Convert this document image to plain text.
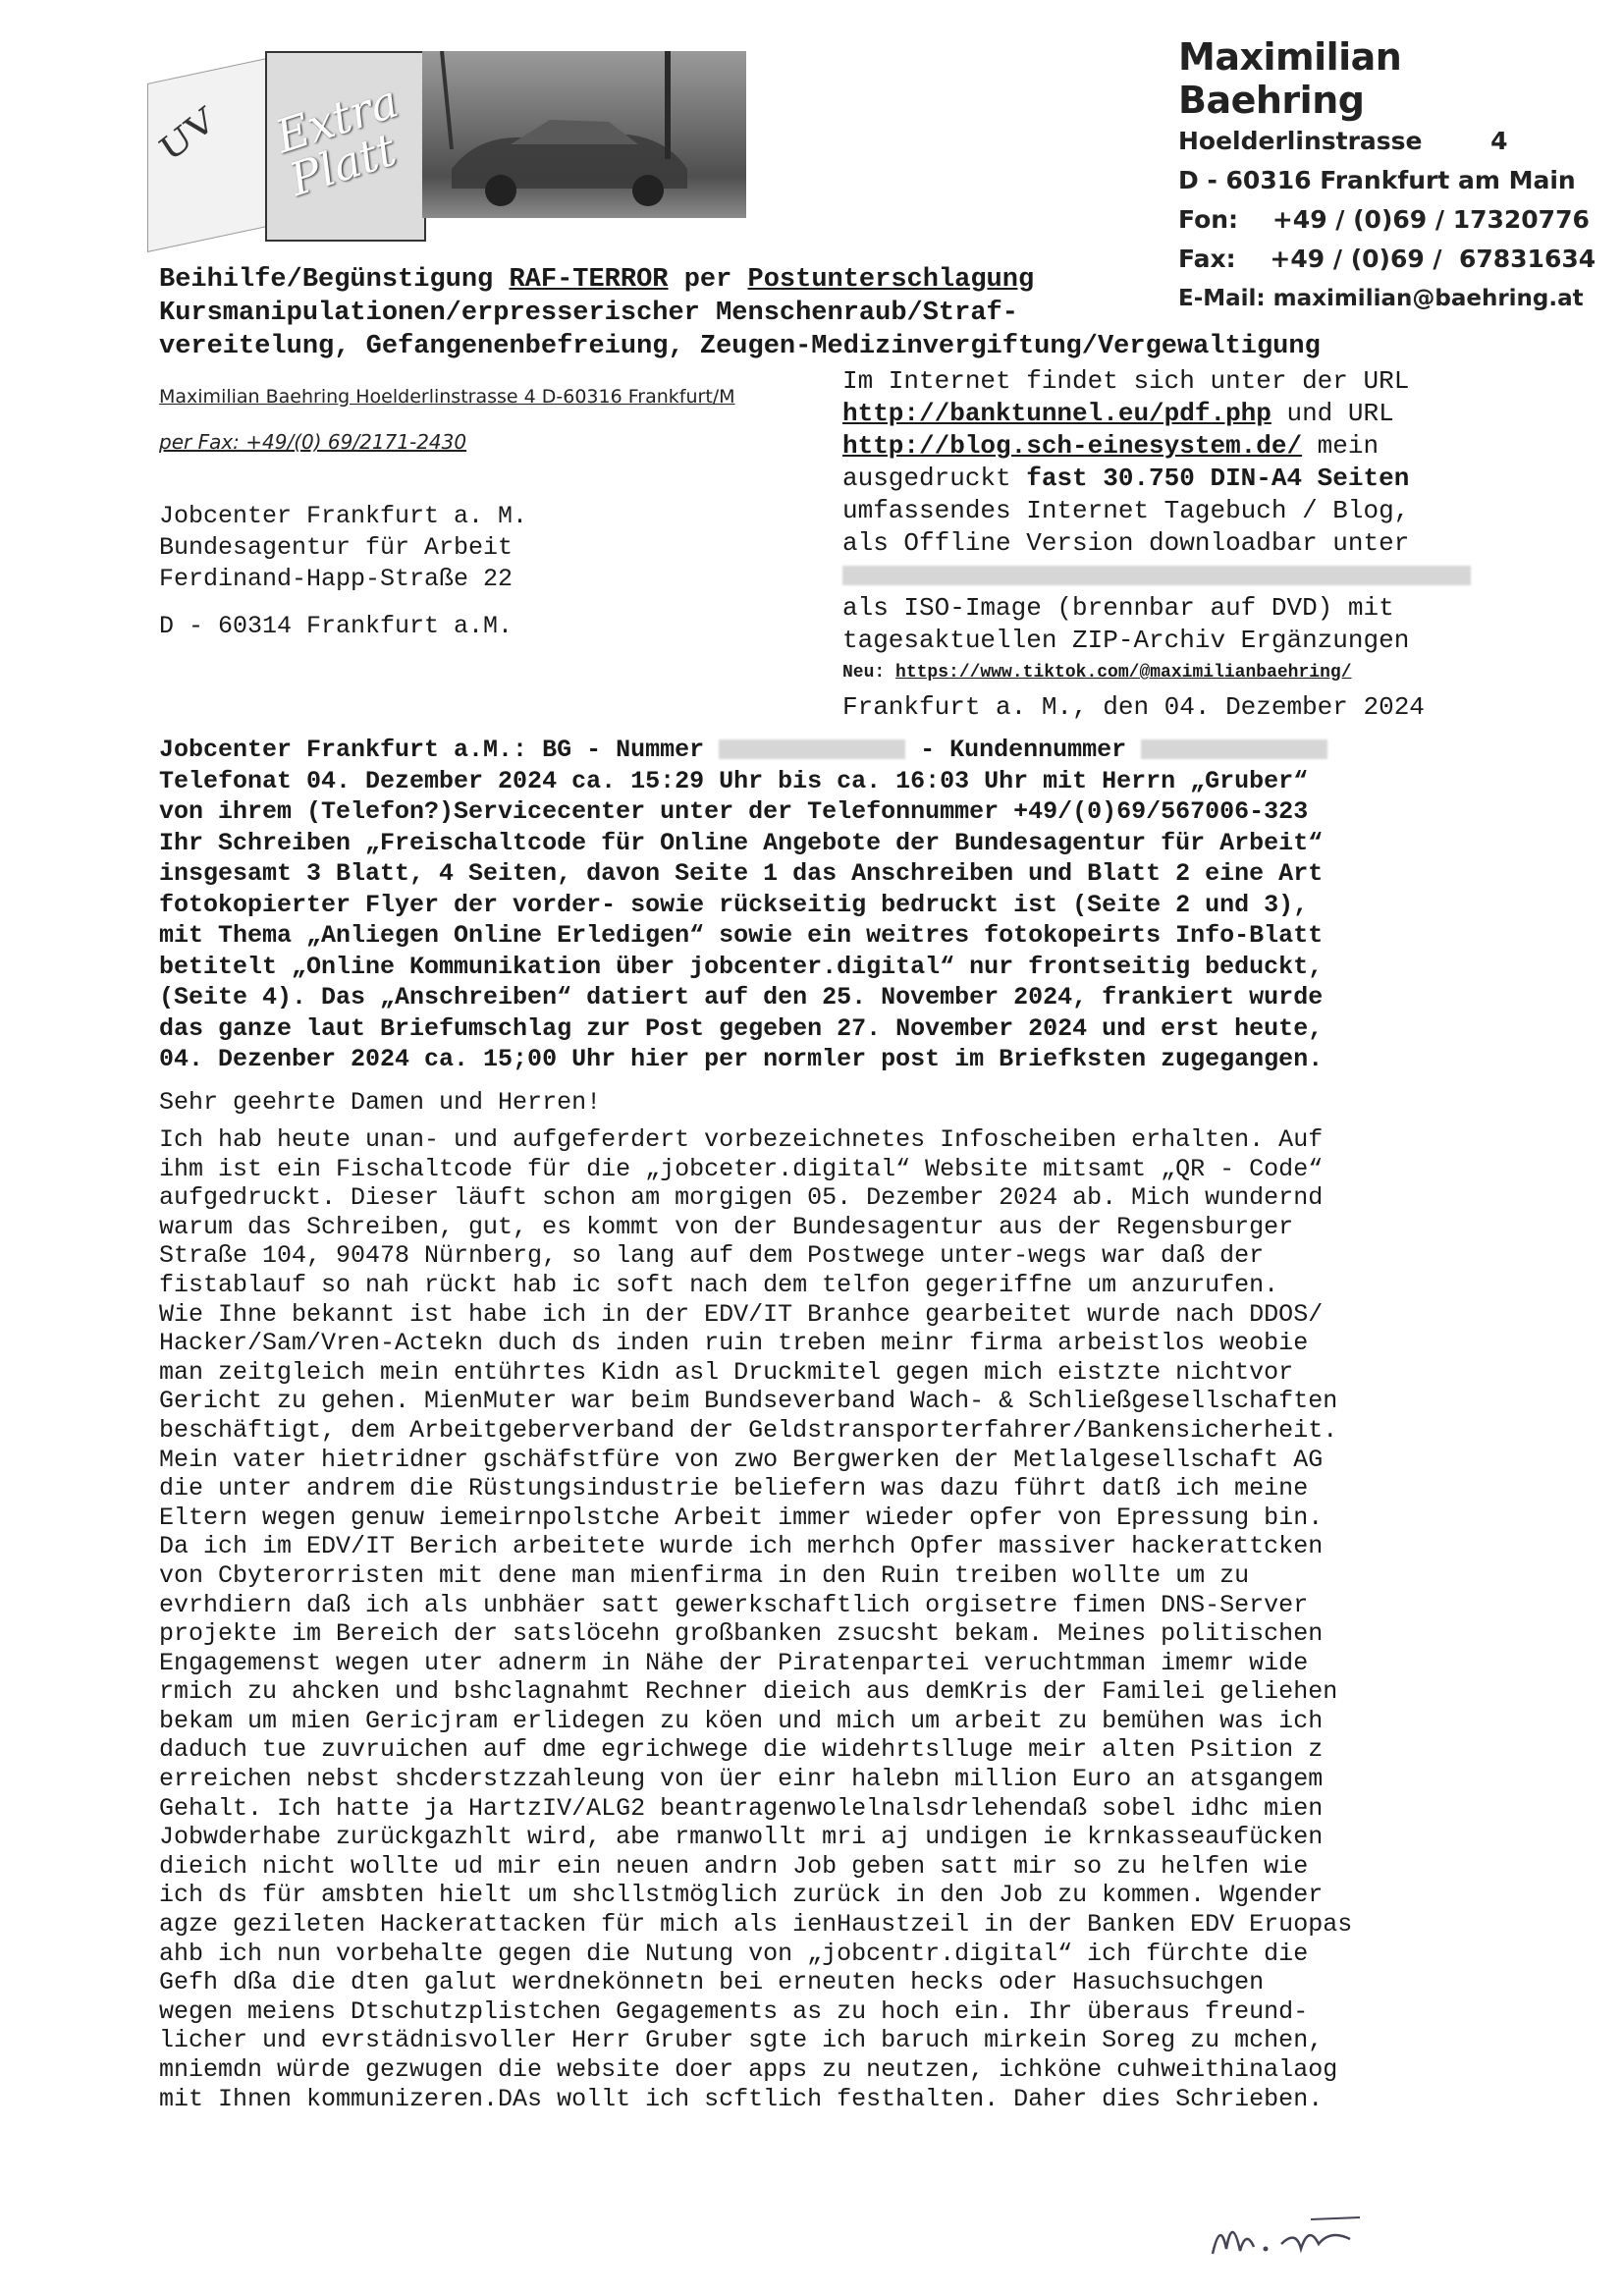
UV Extra Platt
Maximilian Baehring
Hoelderlinstrasse        4
D - 60316 Frankfurt am Main
Fon:    +49 / (0)69 / 17320776
Fax:    +49 / (0)69 /  67831634
E-Mail: maximilian@baehring.at
Beihilfe/Begünstigung RAF-TERROR per Postunterschlagung
Kursmanipulationen/erpresserischer Menschenraub/Straf-
vereitelung, Gefangenenbefreiung, Zeugen-Medizinvergiftung/Vergewaltigung
Maximilian Baehring Hoelderlinstrasse 4 D-60316 Frankfurt/M
per Fax: +49/(0) 69/2171-2430
Jobcenter Frankfurt a. M.
Bundesagentur für Arbeit
Ferdinand-Happ-Straße 22
D - 60314 Frankfurt a.M.
Im Internet findet sich unter der URL
http://banktunnel.eu/pdf.php und URL
http://blog.sch-einesystem.de/ mein
ausgedruckt fast 30.750 DIN-A4 Seiten
umfassendes Internet Tagebuch / Blog,
als Offline Version downloadbar unter
als ISO-Image (brennbar auf DVD) mit
tagesaktuellen ZIP-Archiv Ergänzungen
Neu: https://www.tiktok.com/@maximilianbaehring/
Frankfurt a. M., den 04. Dezember 2024
Jobcenter Frankfurt a.M.: BG - Nummer	- Kundennummer
Telefonat 04. Dezember 2024 ca. 15:29 Uhr bis ca. 16:03 Uhr mit Herrn „Gruber“
von ihrem (Telefon?)Servicecenter unter der Telefonnummer +49/(0)69/567006-323
Ihr Schreiben „Freischaltcode für Online Angebote der Bundesagentur für Arbeit“
insgesamt 3 Blatt, 4 Seiten, davon Seite 1 das Anschreiben und Blatt 2 eine Art
fotokopierter Flyer der vorder- sowie rückseitig bedruckt ist (Seite 2 und 3),
mit Thema „Anliegen Online Erledigen“ sowie ein weitres fotokopeirts Info-Blatt
betitelt „Online Kommunikation über jobcenter.digital“ nur frontseitig beduckt,
(Seite 4). Das „Anschreiben“ datiert auf den 25. November 2024, frankiert wurde
das ganze laut Briefumschlag zur Post gegeben 27. November 2024 und erst heute,
04. Dezenber 2024 ca. 15;00 Uhr hier per normler post im Briefksten zugegangen.
Sehr geehrte Damen und Herren!
Ich hab heute unan- und aufgeferdert vorbezeichnetes Infoscheiben erhalten. Auf
ihm ist ein Fischaltcode für die „jobceter.digital“ Website mitsamt „QR - Code“
aufgedruckt. Dieser läuft schon am morgigen 05. Dezember 2024 ab. Mich wundernd
warum das Schreiben, gut, es kommt von der Bundesagentur aus der Regensburger
Straße 104, 90478 Nürnberg, so lang auf dem Postwege unter-wegs war daß der
fistablauf so nah rückt hab ic soft nach dem telfon gegeriffne um anzurufen.
Wie Ihne bekannt ist habe ich in der EDV/IT Branhce gearbeitet wurde nach DDOS/
Hacker/Sam/Vren-Actekn duch ds inden ruin treben meinr firma arbeistlos weobie
man zeitgleich mein entührtes Kidn asl Druckmitel gegen mich eistzte nichtvor
Gericht zu gehen. MienMuter war beim Bundseverband Wach- & Schließgesellschaften
beschäftigt, dem Arbeitgeberverband der Geldstransporterfahrer/Bankensicherheit.
Mein vater hietridner gschäfstfüre von zwo Bergwerken der Metlalgesellschaft AG
die unter andrem die Rüstungsindustrie beliefern was dazu führt datß ich meine
Eltern wegen genuw iemeirnpolstche Arbeit immer wieder opfer von Epressung bin.
Da ich im EDV/IT Berich arbeitete wurde ich merhch Opfer massiver hackerattcken
von Cbyterorristen mit dene man mienfirma in den Ruin treiben wollte um zu
evrhdiern daß ich als unbhäer satt gewerkschaftlich orgisetre fimen DNS-Server
projekte im Bereich der satslöcehn großbanken zsucsht bekam. Meines politischen
Engagemenst wegen uter adnerm in Nähe der Piratenpartei veruchtmman imemr wide
rmich zu ahcken und bshclagnahmt Rechner dieich aus demKris der Familei geliehen
bekam um mien Gericjram erlidegen zu köen und mich um arbeit zu bemühen was ich
daduch tue zuvruichen auf dme egrichwege die widehrtslluge meir alten Psition z
erreichen nebst shcderstzzahleung von üer einr halebn million Euro an atsgangem
Gehalt. Ich hatte ja HartzIV/ALG2 beantragenwolelnalsdrlehendaß sobel idhc mien
Jobwderhabe zurückgazhlt wird, abe rmanwollt mri aj undigen ie krnkasseaufücken
dieich nicht wollte ud mir ein neuen andrn Job geben satt mir so zu helfen wie
ich ds für amsbten hielt um shcllstmöglich zurück in den Job zu kommen. Wgender
agze gezileten Hackerattacken für mich als ienHaustzeil in der Banken EDV Eruopas
ahb ich nun vorbehalte gegen die Nutung von „jobcentr.digital“ ich fürchte die
Gefh dßa die dten galut werdnekönnetn bei erneuten hecks oder Hasuchsuchgen
wegen meiens Dtschutzplistchen Gegagements as zu hoch ein. Ihr überaus freund-
licher und evrstädnisvoller Herr Gruber sgte ich baruch mirkein Soreg zu mchen,
mniemdn würde gezwugen die website doer apps zu neutzen, ichköne cuhweithinalaog
mit Ihnen kommunizeren.DAs wollt ich scftlich festhalten. Daher dies Schrieben.
